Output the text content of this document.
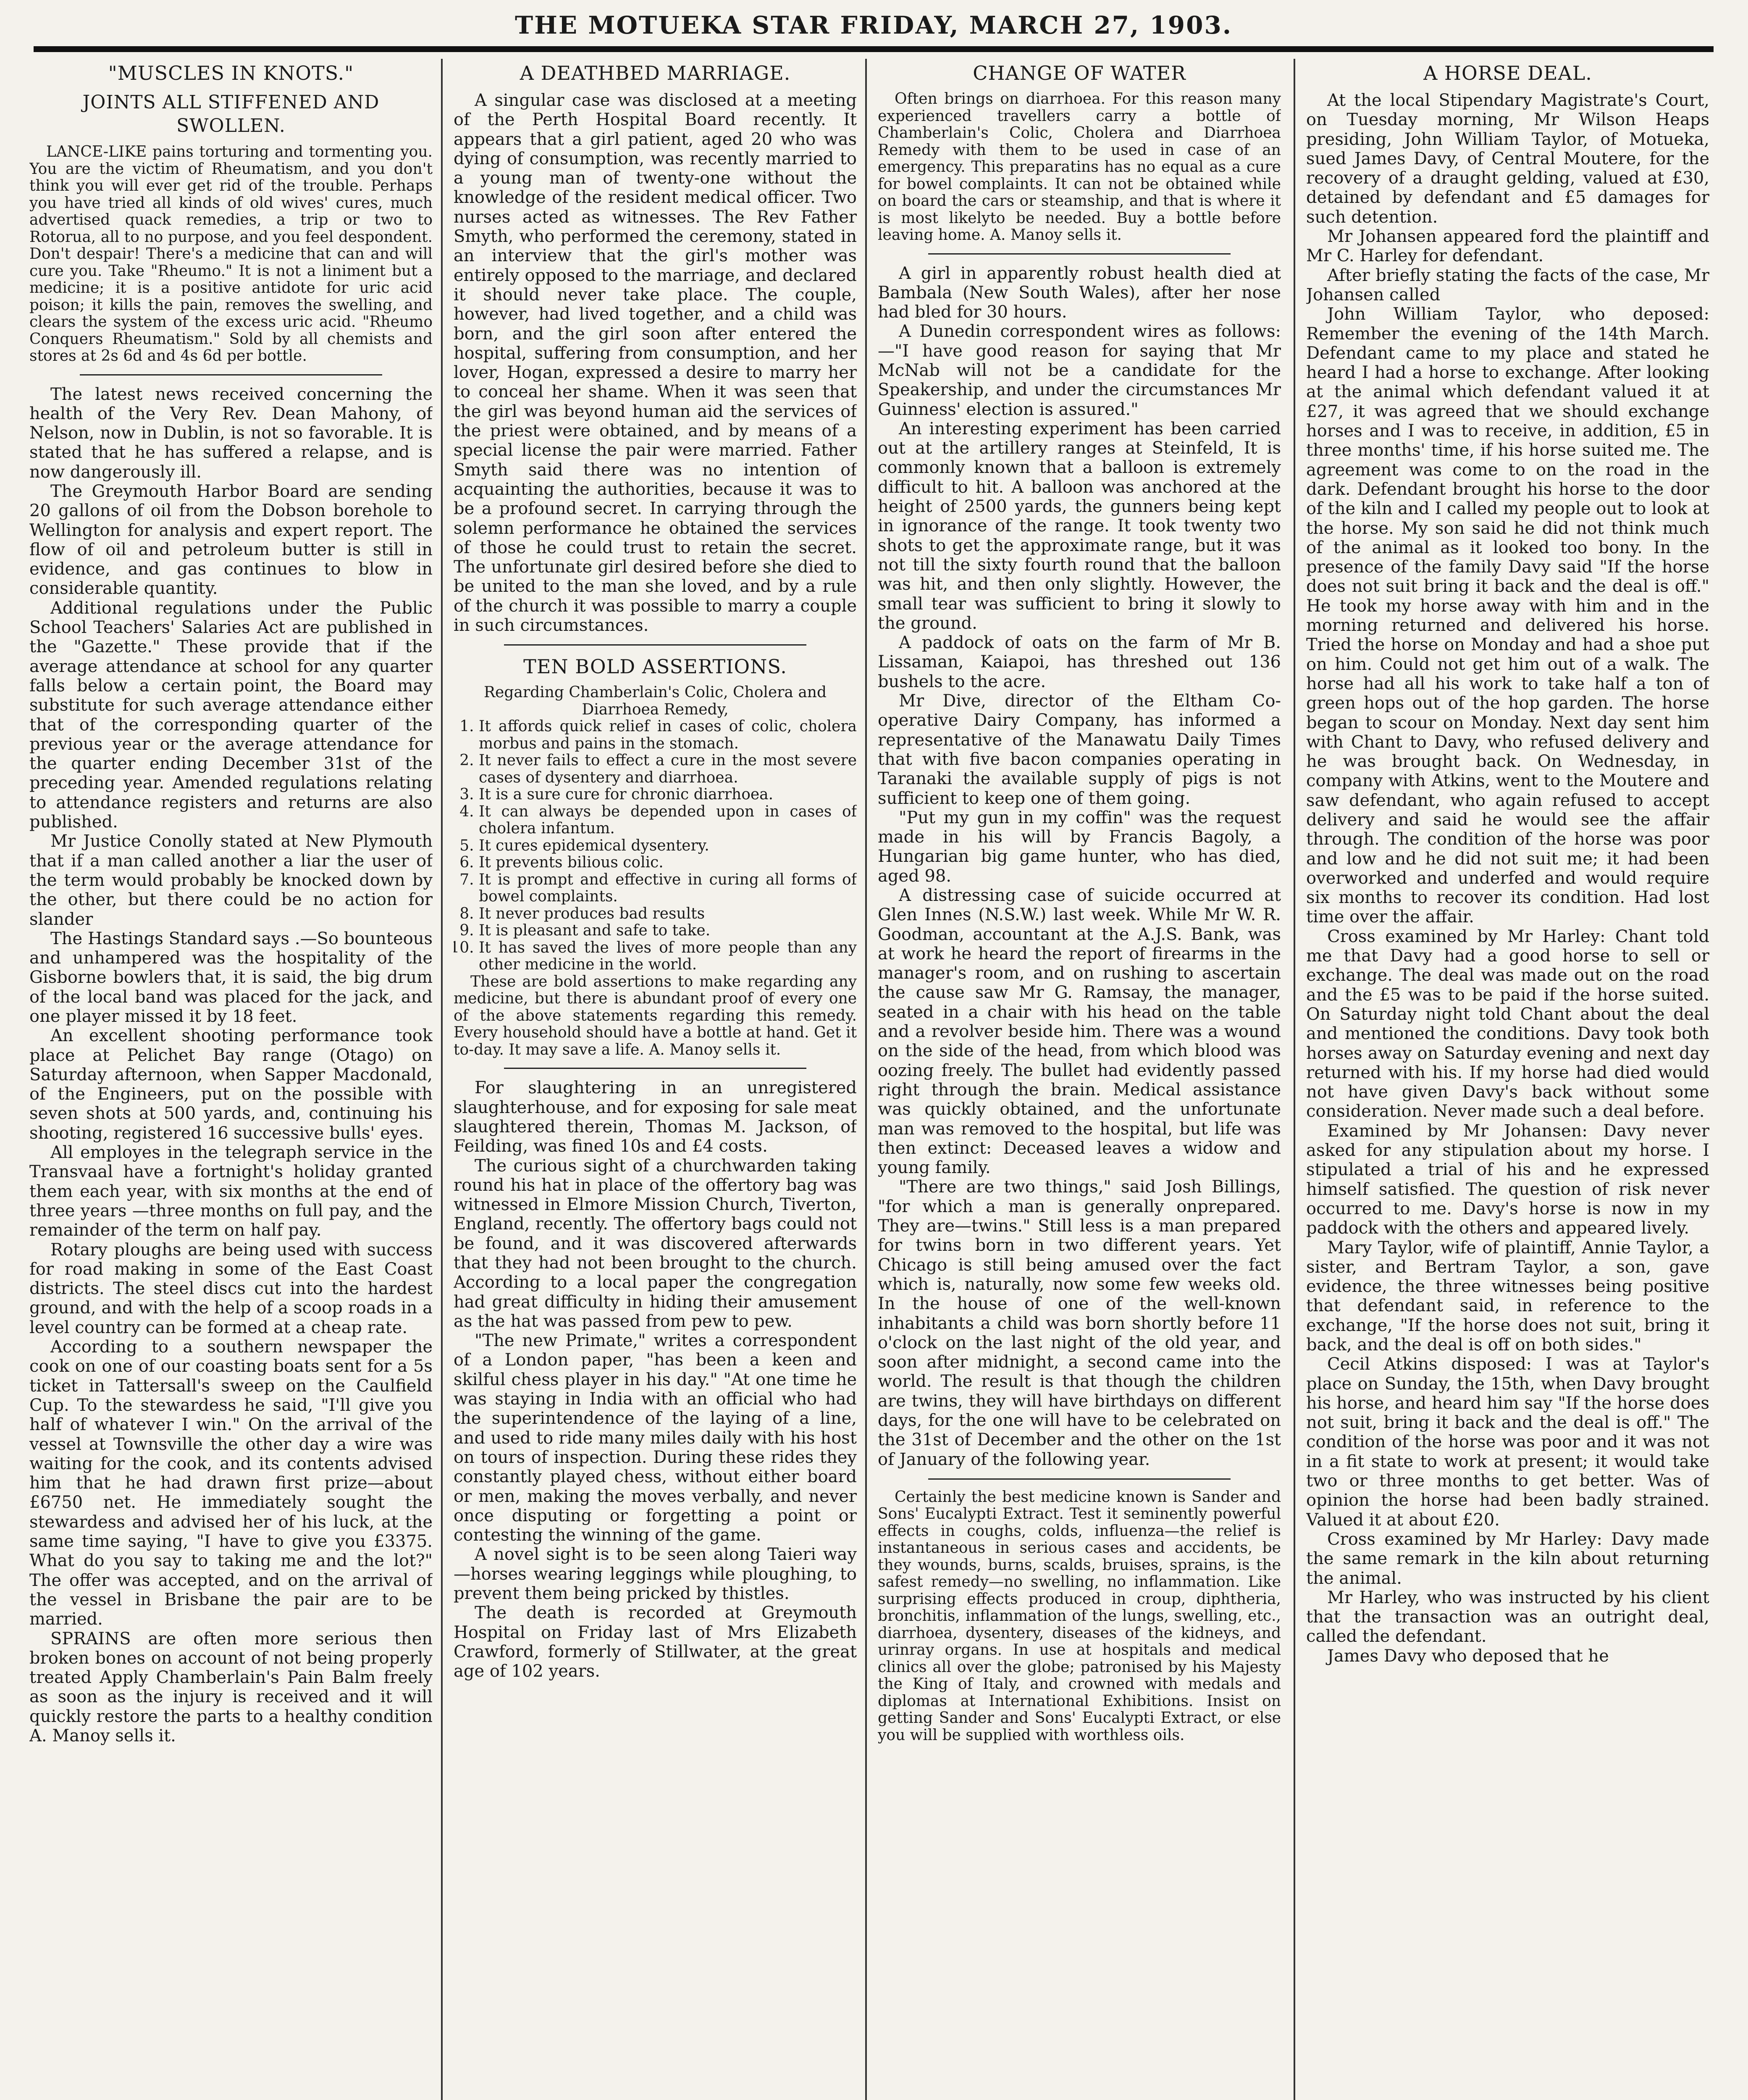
THE MOTUEKA STAR FRIDAY, MARCH 27, 1903.

"MUSCLES IN KNOTS."

JOINTS ALL STIFFENED AND SWOLLEN.

LANCE-LIKE pains torturing and tormenting you. You are the victim of Rheumatism, and you don't think you will ever get rid of the trouble. Perhaps you have tried all kinds of old wives' cures, much advertised quack remedies, a trip or two to Rotorua, all to no purpose, and you feel despondent. Don't despair! There's a medicine that can and will cure you. Take "Rheumo." It is not a liniment but a medicine; it is a positive antidote for uric acid poison; it kills the pain, removes the swelling, and clears the system of the excess uric acid. "Rheumo Conquers Rheumatism." Sold by all chemists and stores at 2s 6d and 4s 6d per bottle.

The latest news received concerning the health of the Very Rev. Dean Mahony, of Nelson, now in Dublin, is not so favorable. It is stated that he has suffered a relapse, and is now dangerously ill.

The Greymouth Harbor Board are sending 20 gallons of oil from the Dobson borehole to Wellington for analysis and expert report. The flow of oil and petroleum butter is still in evidence, and gas continues to blow in considerable quantity.

Additional regulations under the Public School Teachers' Salaries Act are published in the "Gazette." These provide that if the average attendance at school for any quarter falls below a certain point, the Board may substitute for such average attendance either that of the corresponding quarter of the previous year or the average attendance for the quarter ending December 31st of the preceding year. Amended regulations relating to attendance registers and returns are also published.

Mr Justice Conolly stated at New Plymouth that if a man called another a liar the user of the term would probably be knocked down by the other, but there could be no action for slander

The Hastings Standard says .—So bounteous and unhampered was the hospitality of the Gisborne bowlers that, it is said, the big drum of the local band was placed for the jack, and one player missed it by 18 feet.

An excellent shooting performance took place at Pelichet Bay range (Otago) on Saturday afternoon, when Sapper Macdonald, of the Engineers, put on the possible with seven shots at 500 yards, and, continuing his shooting, registered 16 successive bulls' eyes.

All employes in the telegraph service in the Transvaal have a fortnight's holiday granted them each year, with six months at the end of three years —three months on full pay, and the remainder of the term on half pay.

Rotary ploughs are being used with success for road making in some of the East Coast districts. The steel discs cut into the hardest ground, and with the help of a scoop roads in a level country can be formed at a cheap rate.

According to a southern newspaper the cook on one of our coasting boats sent for a 5s ticket in Tattersall's sweep on the Caulfield Cup. To the stewardess he said, "I'll give you half of whatever I win." On the arrival of the vessel at Townsville the other day a wire was waiting for the cook, and its contents advised him that he had drawn first prize—about £6750 net. He immediately sought the stewardess and advised her of his luck, at the same time saying, "I have to give you £3375. What do you say to taking me and the lot?" The offer was accepted, and on the arrival of the vessel in Brisbane the pair are to be married.

SPRAINS are often more serious then broken bones on account of not being properly treated Apply Chamberlain's Pain Balm freely as soon as the injury is received and it will quickly restore the parts to a healthy condition A. Manoy sells it.

A DEATHBED MARRIAGE.

A singular case was disclosed at a meeting of the Perth Hospital Board recently. It appears that a girl patient, aged 20 who was dying of consumption, was recently married to a young man of twenty-one without the knowledge of the resident medical officer. Two nurses acted as witnesses. The Rev Father Smyth, who performed the ceremony, stated in an interview that the girl's mother was entirely opposed to the marriage, and declared it should never take place. The couple, however, had lived together, and a child was born, and the girl soon after entered the hospital, suffering from consumption, and her lover, Hogan, expressed a desire to marry her to conceal her shame. When it was seen that the girl was beyond human aid the services of the priest were obtained, and by means of a special license the pair were married. Father Smyth said there was no intention of acquainting the authorities, because it was to be a profound secret. In carrying through the solemn performance he obtained the services of those he could trust to retain the secret. The unfortunate girl desired before she died to be united to the man she loved, and by a rule of the church it was possible to marry a couple in such circumstances.

TEN BOLD ASSERTIONS.

Regarding Chamberlain's Colic, Cholera and Diarrhoea Remedy,

1. It affords quick relief in cases of colic, cholera morbus and pains in the stomach.
2. It never fails to effect a cure in the most severe cases of dysentery and diarrhoea.
3. It is a sure cure for chronic diarrhoea.
4. It can always be depended upon in cases of cholera infantum.
5. It cures epidemical dysentery.
6. It prevents bilious colic.
7. It is prompt and effective in curing all forms of bowel complaints.
8. It never produces bad results
9. It is pleasant and safe to take.
10. It has saved the lives of more people than any other medicine in the world.

These are bold assertions to make regarding any medicine, but there is abundant proof of every one of the above statements regarding this remedy. Every household should have a bottle at hand. Get it to-day. It may save a life. A. Manoy sells it.

For slaughtering in an unregistered slaughterhouse, and for exposing for sale meat slaughtered therein, Thomas M. Jackson, of Feilding, was fined 10s and £4 costs.

The curious sight of a churchwarden taking round his hat in place of the offertory bag was witnessed in Elmore Mission Church, Tiverton, England, recently. The offertory bags could not be found, and it was discovered afterwards that they had not been brought to the church. According to a local paper the congregation had great difficulty in hiding their amusement as the hat was passed from pew to pew.

"The new Primate," writes a correspondent of a London paper, "has been a keen and skilful chess player in his day." "At one time he was staying in India with an official who had the superintendence of the laying of a line, and used to ride many miles daily with his host on tours of inspection. During these rides they constantly played chess, without either board or men, making the moves verbally, and never once disputing or forgetting a point or contesting the winning of the game.

A novel sight is to be seen along Taieri way—horses wearing leggings while ploughing, to prevent them being pricked by thistles.

The death is recorded at Greymouth Hospital on Friday last of Mrs Elizabeth Crawford, formerly of Stillwater, at the great age of 102 years.

CHANGE OF WATER

Often brings on diarrhoea. For this reason many experienced travellers carry a bottle of Chamberlain's Colic, Cholera and Diarrhoea Remedy with them to be used in case of an emergency. This preparatins has no equal as a cure for bowel complaints. It can not be obtained while on board the cars or steamship, and that is where it is most likelyto be needed. Buy a bottle before leaving home. A. Manoy sells it.

A girl in apparently robust health died at Bambala (New South Wales), after her nose had bled for 30 hours.

A Dunedin correspondent wires as follows:—"I have good reason for saying that Mr McNab will not be a candidate for the Speakership, and under the circumstances Mr Guinness' election is assured."

An interesting experiment has been carried out at the artillery ranges at Steinfeld, It is commonly known that a balloon is extremely difficult to hit. A balloon was anchored at the height of 2500 yards, the gunners being kept in ignorance of the range. It took twenty two shots to get the approximate range, but it was not till the sixty fourth round that the balloon was hit, and then only slightly. However, the small tear was sufficient to bring it slowly to the ground.

A paddock of oats on the farm of Mr B. Lissaman, Kaiapoi, has threshed out 136 bushels to the acre.

Mr Dive, director of the Eltham Co-operative Dairy Company, has informed a representative of the Manawatu Daily Times that with five bacon companies operating in Taranaki the available supply of pigs is not sufficient to keep one of them going.

"Put my gun in my coffin" was the request made in his will by Francis Bagoly, a Hungarian big game hunter, who has died, aged 98.

A distressing case of suicide occurred at Glen Innes (N.S.W.) last week. While Mr W. R. Goodman, accountant at the A.J.S. Bank, was at work he heard the report of firearms in the manager's room, and on rushing to ascertain the cause saw Mr G. Ramsay, the manager, seated in a chair with his head on the table and a revolver beside him. There was a wound on the side of the head, from which blood was oozing freely. The bullet had evidently passed right through the brain. Medical assistance was quickly obtained, and the unfortunate man was removed to the hospital, but life was then extinct: Deceased leaves a widow and young family.

"There are two things," said Josh Billings, "for which a man is generally onprepared. They are—twins." Still less is a man prepared for twins born in two different years. Yet Chicago is still being amused over the fact which is, naturally, now some few weeks old. In the house of one of the well-known inhabitants a child was born shortly before 11 o'clock on the last night of the old year, and soon after midnight, a second came into the world. The result is that though the children are twins, they will have birthdays on different days, for the one will have to be celebrated on the 31st of December and the other on the 1st of January of the following year.

Certainly the best medicine known is Sander and Sons' Eucalypti Extract. Test it seminently powerful effects in coughs, colds, influenza—the relief is instantaneous in serious cases and accidents, be they wounds, burns, scalds, bruises, sprains, is the safest remedy—no swelling, no inflammation. Like surprising effects produced in croup, diphtheria, bronchitis, inflammation of the lungs, swelling, etc., diarrhoea, dysentery, diseases of the kidneys, and urinray organs. In use at hospitals and medical clinics all over the globe; patronised by his Majesty the King of Italy, and crowned with medals and diplomas at International Exhibitions. Insist on getting Sander and Sons' Eucalypti Extract, or else you will be supplied with worthless oils.

A HORSE DEAL.

At the local Stipendary Magistrate's Court, on Tuesday morning, Mr Wilson Heaps presiding, John William Taylor, of Motueka, sued James Davy, of Central Moutere, for the recovery of a draught gelding, valued at £30, detained by defendant and £5 damages for such detention.

Mr Johansen appeared ford the plaintiff and Mr C. Harley for defendant.

After briefly stating the facts of the case, Mr Johansen called

John William Taylor, who deposed: Remember the evening of the 14th March. Defendant came to my place and stated he heard I had a horse to exchange. After looking at the animal which defendant valued it at £27, it was agreed that we should exchange horses and I was to receive, in addition, £5 in three months' time, if his horse suited me. The agreement was come to on the road in the dark. Defendant brought his horse to the door of the kiln and I called my people out to look at the horse. My son said he did not think much of the animal as it looked too bony. In the presence of the family Davy said "If the horse does not suit bring it back and the deal is off." He took my horse away with him and in the morning returned and delivered his horse. Tried the horse on Monday and had a shoe put on him. Could not get him out of a walk. The horse had all his work to take half a ton of green hops out of the hop garden. The horse began to scour on Monday. Next day sent him with Chant to Davy, who refused delivery and he was brought back. On Wednesday, in company with Atkins, went to the Moutere and saw defendant, who again refused to accept delivery and said he would see the affair through. The condition of the horse was poor and low and he did not suit me; it had been overworked and underfed and would require six months to recover its condition. Had lost time over the affair.

Cross examined by Mr Harley: Chant told me that Davy had a good horse to sell or exchange. The deal was made out on the road and the £5 was to be paid if the horse suited. On Saturday night told Chant about the deal and mentioned the conditions. Davy took both horses away on Saturday evening and next day returned with his. If my horse had died would not have given Davy's back without some consideration. Never made such a deal before.

Examined by Mr Johansen: Davy never asked for any stipulation about my horse. I stipulated a trial of his and he expressed himself satisfied. The question of risk never occurred to me. Davy's horse is now in my paddock with the others and appeared lively.

Mary Taylor, wife of plaintiff, Annie Taylor, a sister, and Bertram Taylor, a son, gave evidence, the three witnesses being positive that defendant said, in reference to the exchange, "If the horse does not suit, bring it back, and the deal is off on both sides."

Cecil Atkins disposed: I was at Taylor's place on Sunday, the 15th, when Davy brought his horse, and heard him say "If the horse does not suit, bring it back and the deal is off." The condition of the horse was poor and it was not in a fit state to work at present; it would take two or three months to get better. Was of opinion the horse had been badly strained. Valued it at about £20.

Cross examined by Mr Harley: Davy made the same remark in the kiln about returning the animal.

Mr Harley, who was instructed by his client that the transaction was an outright deal, called the defendant.

James Davy who deposed that he
